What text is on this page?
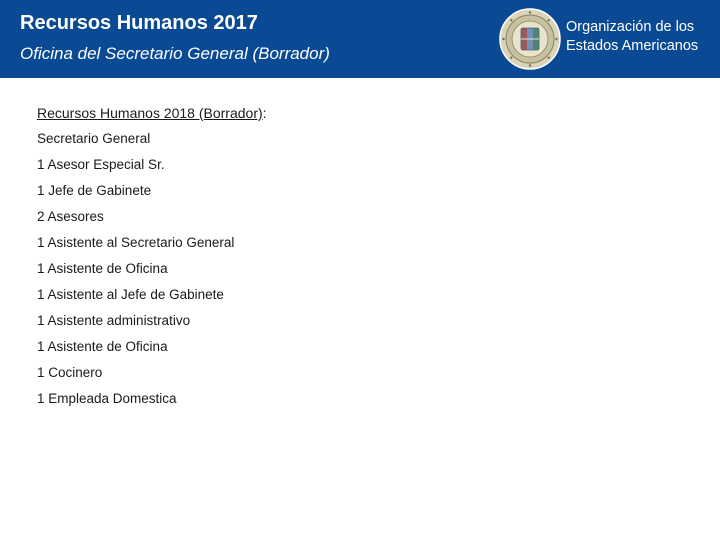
Recursos Humanos 2017
Oficina del Secretario General (Borrador)
Organización de los
Estados Americanos
Recursos Humanos 2018 (Borrador):
Secretario General
1 Asesor Especial Sr.
1 Jefe de Gabinete
2 Asesores
1 Asistente al Secretario General
1 Asistente de Oficina
1 Asistente al Jefe de Gabinete
1 Asistente administrativo
1 Asistente de Oficina
1 Cocinero
1 Empleada Domestica
